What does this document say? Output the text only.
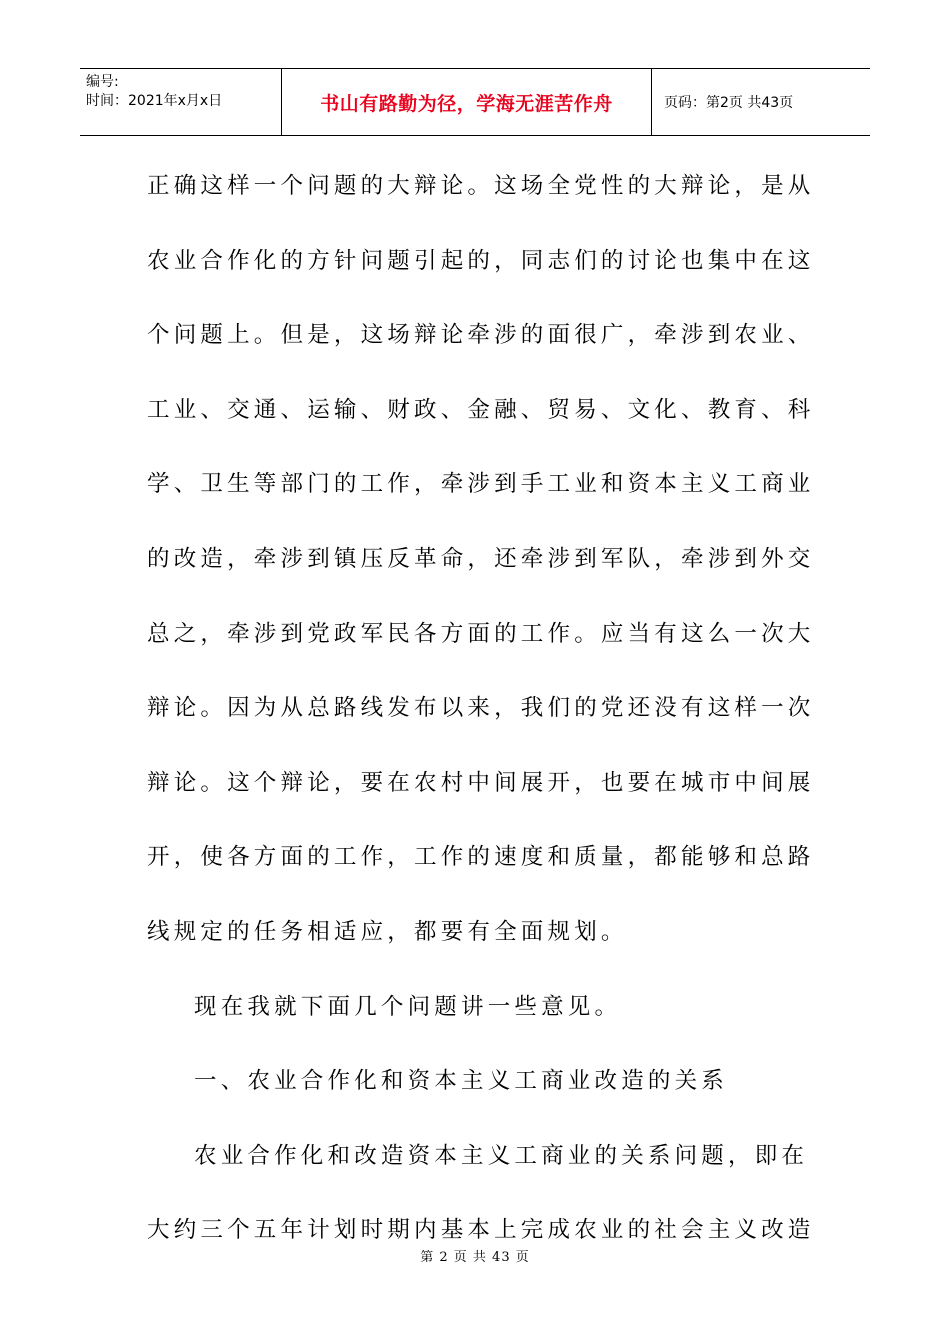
编号:
时间：2021年x月x日	书山有路勤为径，学海无涯苦作舟	页码：第2页 共43页
正确这样一个问题的大辩论。这场全党性的大辩论，是从
农业合作化的方针问题引起的，同志们的讨论也集中在这
个问题上。但是，这场辩论牵涉的面很广，牵涉到农业、
工业、交通、运输、财政、金融、贸易、文化、教育、科
学、卫生等部门的工作，牵涉到手工业和资本主义工商业
的改造，牵涉到镇压反革命，还牵涉到军队，牵涉到外交
总之，牵涉到党政军民各方面的工作。应当有这么一次大
辩论。因为从总路线发布以来，我们的党还没有这样一次
辩论。这个辩论，要在农村中间展开，也要在城市中间展
开，使各方面的工作，工作的速度和质量，都能够和总路
线规定的任务相适应，都要有全面规划。
现在我就下面几个问题讲一些意见。
一、农业合作化和资本主义工商业改造的关系
农业合作化和改造资本主义工商业的关系问题，即在
大约三个五年计划时期内基本上完成农业的社会主义改造
第 2 页 共 43 页
